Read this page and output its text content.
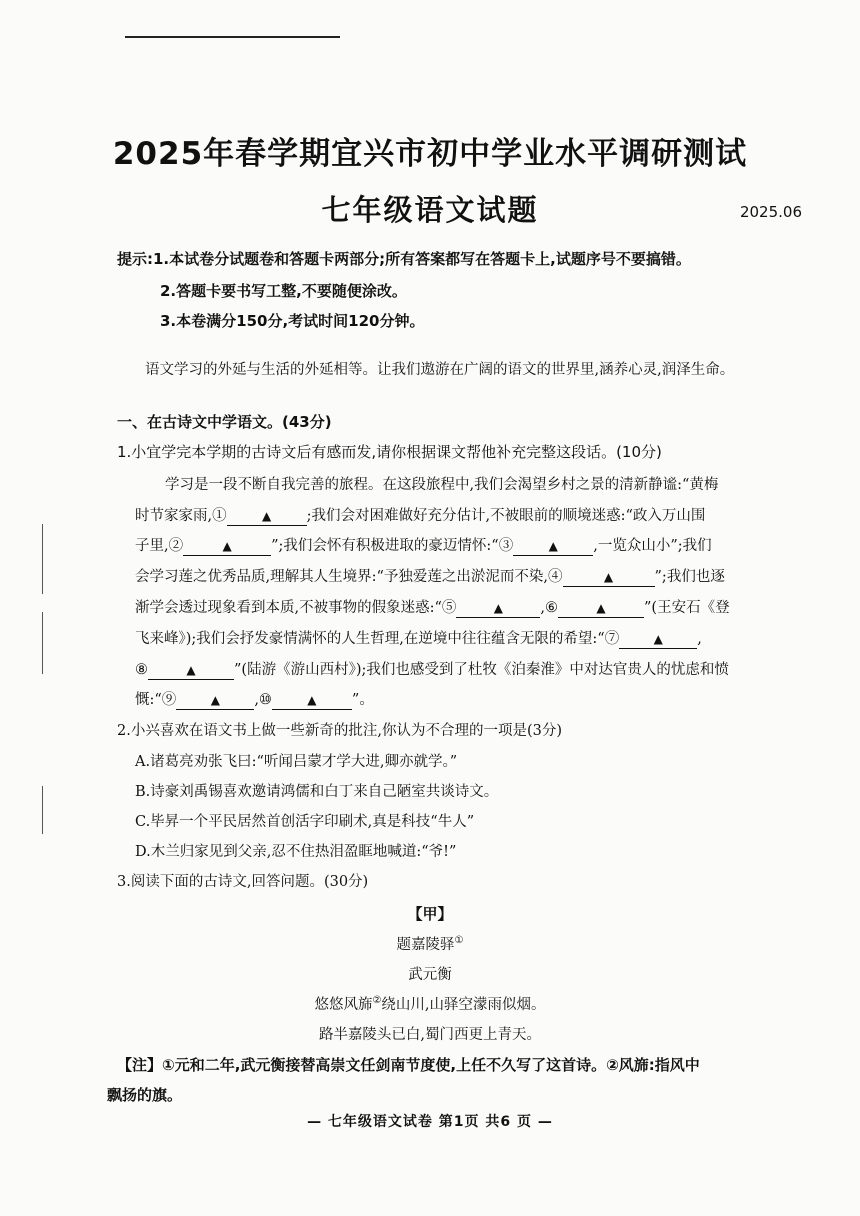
2025年春学期宜兴市初中学业水平调研测试
七年级语文试题	2025.06
提示:1.本试卷分试题卷和答题卡两部分;所有答案都写在答题卡上,试题序号不要搞错。
2.答题卡要书写工整,不要随便涂改。
3.本卷满分150分,考试时间120分钟。
语文学习的外延与生活的外延相等。让我们遨游在广阔的语文的世界里,涵养心灵,润泽生命。
一、在古诗文中学语文。(43分)
1.小宜学完本学期的古诗文后有感而发,请你根据课文帮他补充完整这段话。(10分)
学习是一段不断自我完善的旅程。在这段旅程中,我们会渴望乡村之景的清新静谧:“黄梅
时节家家雨,①	▲ ;我们会对困难做好充分估计,不被眼前的顺境迷惑:“政入万山围
子里,②	▲	”;我们会怀有积极进取的豪迈情怀:“③	▲ ,一览众山小”;我们
会学习莲之优秀品质,理解其人生境界:“予独爱莲之出淤泥而不染,④	▲	”;我们也逐
渐学会透过现象看到本质,不被事物的假象迷惑:“⑤	▲	,⑥	▲	”(王安石《登
飞来峰》);我们会抒发豪情满怀的人生哲理,在逆境中往往蕴含无限的希望:“⑦	▲ ,
⑧	▲	”(陆游《游山西村》);我们也感受到了杜牧《泊秦淮》中对达官贵人的忧虑和愤
慨:“⑨	▲ ,⑩	▲ ”。
2.小兴喜欢在语文书上做一些新奇的批注,你认为不合理的一项是(3分)
A.诸葛亮劝张飞曰:“听闻吕蒙才学大进,卿亦就学。”
B.诗豪刘禹锡喜欢邀请鸿儒和白丁来自己陋室共谈诗文。
C.毕昇一个平民居然首创活字印刷术,真是科技“牛人”
D.木兰归家见到父亲,忍不住热泪盈眶地喊道:“爷!”
3.阅读下面的古诗文,回答问题。(30分)
【甲】
题嘉陵驿①
武元衡
悠悠风旆②绕山川,山驿空濛雨似烟。
路半嘉陵头已白,蜀门西更上青天。
【注】①元和二年,武元衡接替高崇文任剑南节度使,上任不久写了这首诗。②风旆:指风中
飘扬的旗。
— 七年级语文试卷 第1页 共6 页 —
